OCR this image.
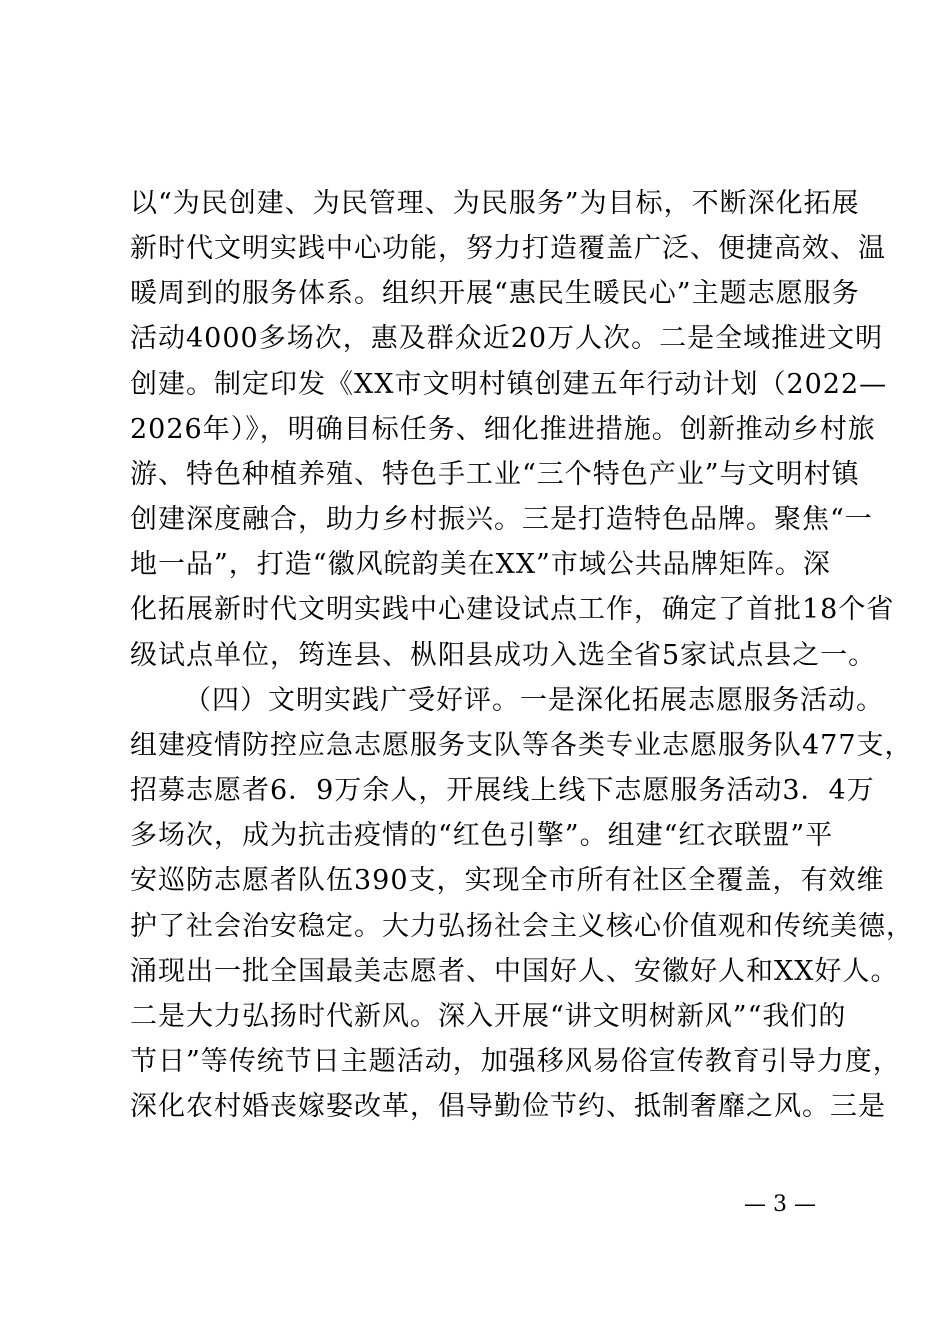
以“为民创建、为民管理、为民服务”为目标，不断深化拓展
新时代文明实践中心功能，努力打造覆盖广泛、便捷高效、温
暖周到的服务体系。组织开展“惠民生暖民心”主题志愿服务
活动4000多场次，惠及群众近20万人次。二是全域推进文明
创建。制定印发《XX市文明村镇创建五年行动计划（2022—
2026年）》，明确目标任务、细化推进措施。创新推动乡村旅
游、特色种植养殖、特色手工业“三个特色产业”与文明村镇
创建深度融合，助力乡村振兴。三是打造特色品牌。聚焦“一
地一品”，打造“徽风皖韵美在XX”市域公共品牌矩阵。深
化拓展新时代文明实践中心建设试点工作，确定了首批18个省
级试点单位，筠连县、枞阳县成功入选全省5家试点县之一。
（四）文明实践广受好评。一是深化拓展志愿服务活动。
组建疫情防控应急志愿服务支队等各类专业志愿服务队477支，
招募志愿者6．9万余人，开展线上线下志愿服务活动3．4万
多场次，成为抗击疫情的“红色引擎”。组建“红衣联盟”平
安巡防志愿者队伍390支，实现全市所有社区全覆盖，有效维
护了社会治安稳定。大力弘扬社会主义核心价值观和传统美德，
涌现出一批全国最美志愿者、中国好人、安徽好人和XX好人。
二是大力弘扬时代新风。深入开展“讲文明树新风”“我们的
节日”等传统节日主题活动，加强移风易俗宣传教育引导力度，
深化农村婚丧嫁娶改革，倡导勤俭节约、抵制奢靡之风。三是
— 3 —
